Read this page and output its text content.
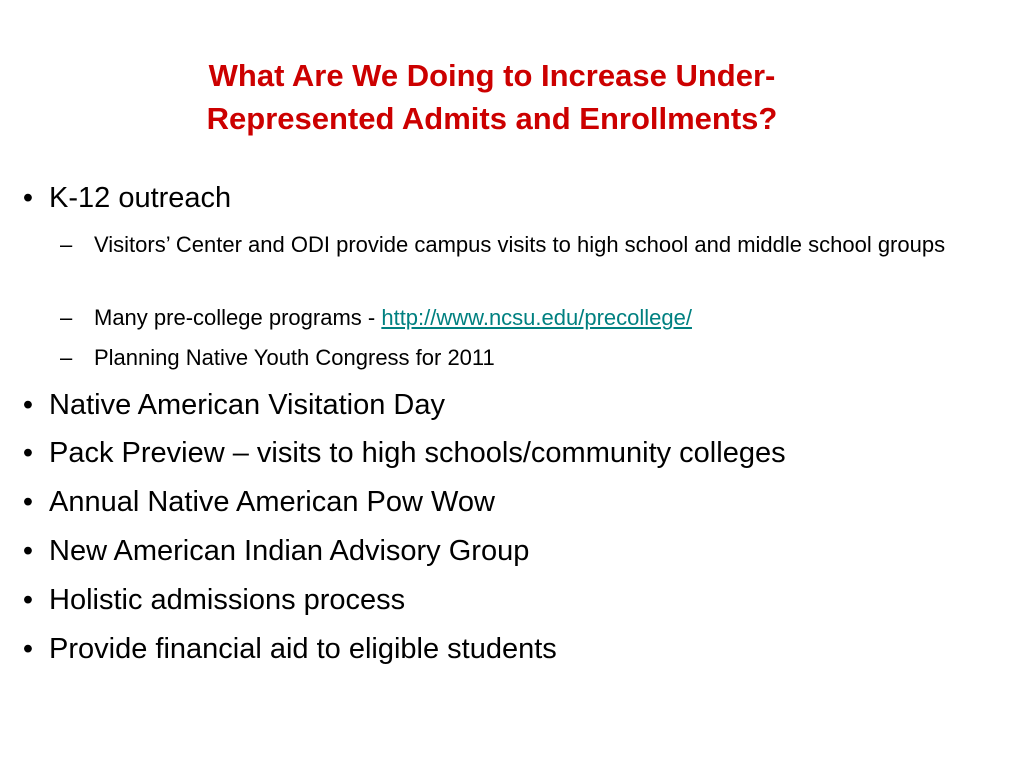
What Are We Doing to Increase Under-
Represented Admits and Enrollments?
• K-12 outreach
– Visitors’ Center and ODI provide campus visits to high school and middle school groups
– Many pre-college programs - http://www.ncsu.edu/precollege/
– Planning Native Youth Congress for 2011
• Native American Visitation Day
• Pack Preview – visits to high schools/community colleges
• Annual Native American Pow Wow
• New American Indian Advisory Group
• Holistic admissions process
• Provide financial aid to eligible students
